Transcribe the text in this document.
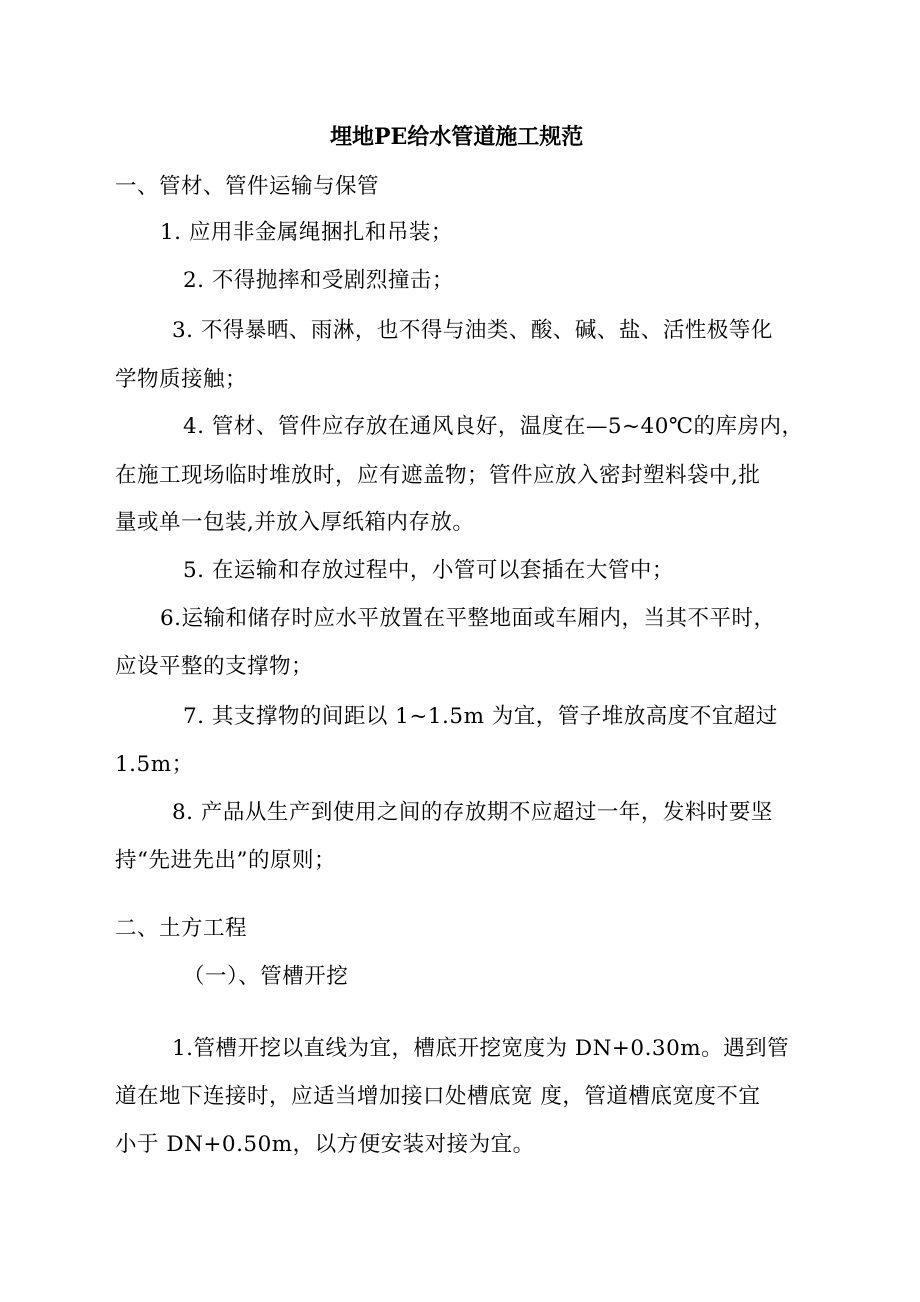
埋地PE给水管道施工规范
一、管材、管件运输与保管
1. 应用非金属绳捆扎和吊装；
2. 不得抛摔和受剧烈撞击；
3. 不得暴晒、雨淋，也不得与油类、酸、碱、盐、活性极等化
学物质接触；
4. 管材、管件应存放在通风良好，温度在—5~40℃的库房内，
在施工现场临时堆放时，应有遮盖物；管件应放入密封塑料袋中,批
量或单一包装,并放入厚纸箱内存放。
5. 在运输和存放过程中，小管可以套插在大管中；
6.运输和储存时应水平放置在平整地面或车厢内，当其不平时，
应设平整的支撑物；
7. 其支撑物的间距以 1~1.5m 为宜，管子堆放高度不宜超过
1.5m；
8. 产品从生产到使用之间的存放期不应超过一年，发料时要坚
持“先进先出”的原则；
二、土方工程
（一）、管槽开挖
1.管槽开挖以直线为宜，槽底开挖宽度为 DN+0.30m。遇到管
道在地下连接时，应适当增加接口处槽底宽 度，管道槽底宽度不宜
小于 DN+0.50m，以方便安装对接为宜。
